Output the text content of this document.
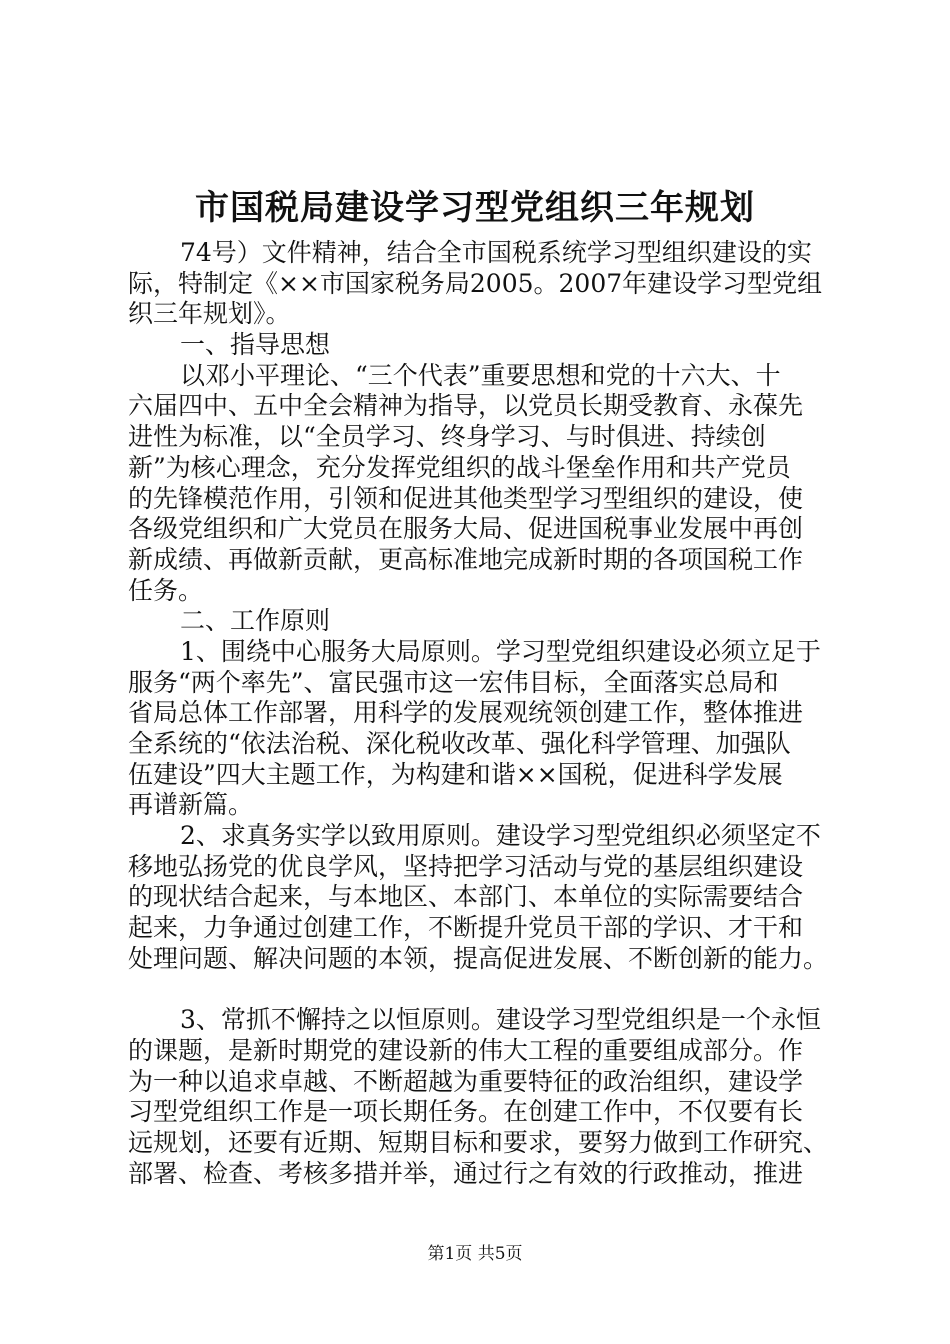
市国税局建设学习型党组织三年规划
74号）文件精神，结合全市国税系统学习型组织建设的实
际，特制定《××市国家税务局2005。2007年建设学习型党组
织三年规划》。
一、指导思想
以邓小平理论、“三个代表”重要思想和党的十六大、十
六届四中、五中全会精神为指导，以党员长期受教育、永葆先
进性为标准，以“全员学习、终身学习、与时俱进、持续创
新”为核心理念，充分发挥党组织的战斗堡垒作用和共产党员
的先锋模范作用，引领和促进其他类型学习型组织的建设，使
各级党组织和广大党员在服务大局、促进国税事业发展中再创
新成绩、再做新贡献，更高标准地完成新时期的各项国税工作
任务。
二、工作原则
1、围绕中心服务大局原则。学习型党组织建设必须立足于
服务“两个率先”、富民强市这一宏伟目标，全面落实总局和
省局总体工作部署，用科学的发展观统领创建工作，整体推进
全系统的“依法治税、深化税收改革、强化科学管理、加强队
伍建设”四大主题工作，为构建和谐××国税，促进科学发展
再谱新篇。
2、求真务实学以致用原则。建设学习型党组织必须坚定不
移地弘扬党的优良学风，坚持把学习活动与党的基层组织建设
的现状结合起来，与本地区、本部门、本单位的实际需要结合
起来，力争通过创建工作，不断提升党员干部的学识、才干和
处理问题、解决问题的本领，提高促进发展、不断创新的能力。
3、常抓不懈持之以恒原则。建设学习型党组织是一个永恒
的课题，是新时期党的建设新的伟大工程的重要组成部分。作
为一种以追求卓越、不断超越为重要特征的政治组织，建设学
习型党组织工作是一项长期任务。在创建工作中，不仅要有长
远规划，还要有近期、短期目标和要求，要努力做到工作研究、
部署、检查、考核多措并举，通过行之有效的行政推动，推进
第1页 共5页
